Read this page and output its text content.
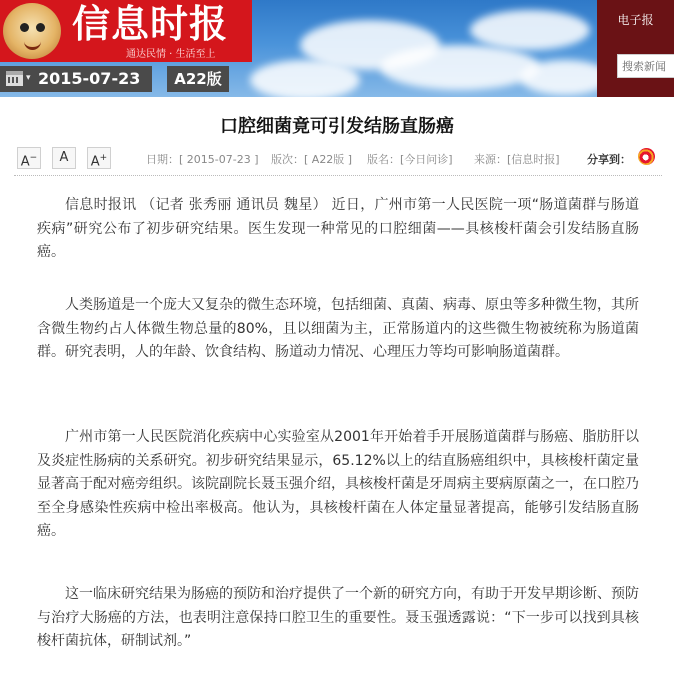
信息时报
通达民情 · 生活至上
▾ 2015-07-23	A22版
电子报
搜索新闻
口腔细菌竟可引发结肠直肠癌
A−	A	A+	日期：[ 2015-07-23 ] 版次：[ A22版 ] 版名：[今日问诊] 来源：[信息时报] 分享到：

信息时报讯 （记者 张秀丽 通讯员 魏星） 近日，广州市第一人民医院一项“肠道菌群与肠道疾病”研究公布了初步研究结果。医生发现一种常见的口腔细菌——具核梭杆菌会引发结肠直肠癌。

人类肠道是一个庞大又复杂的微生态环境，包括细菌、真菌、病毒、原虫等多种微生物，其所含微生物约占人体微生物总量的80%，且以细菌为主，正常肠道内的这些微生物被统称为肠道菌群。研究表明，人的年龄、饮食结构、肠道动力情况、心理压力等均可影响肠道菌群。

广州市第一人民医院消化疾病中心实验室从2001年开始着手开展肠道菌群与肠癌、脂肪肝以及炎症性肠病的关系研究。初步研究结果显示，65.12%以上的结直肠癌组织中，具核梭杆菌定量显著高于配对癌旁组织。该院副院长聂玉强介绍，具核梭杆菌是牙周病主要病原菌之一，在口腔乃至全身感染性疾病中检出率极高。他认为，具核梭杆菌在人体定量显著提高，能够引发结肠直肠癌。

这一临床研究结果为肠癌的预防和治疗提供了一个新的研究方向，有助于开发早期诊断、预防与治疗大肠癌的方法，也表明注意保持口腔卫生的重要性。聂玉强透露说：“下一步可以找到具核梭杆菌抗体，研制试剂。”
